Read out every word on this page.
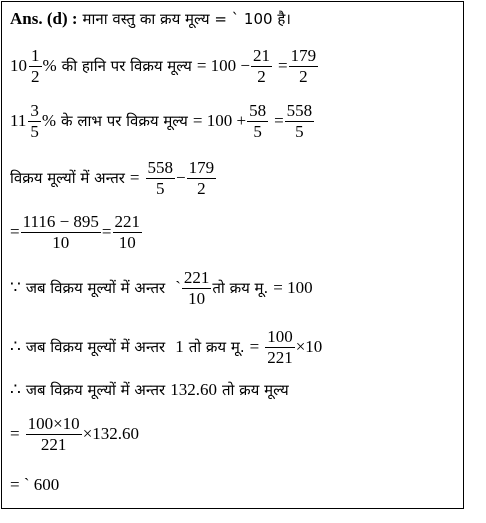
Ans. (d) : माना वस्तु का क्रय मूल्य = ` 100 है।
$10 \frac{1}{2}$ % की हानि पर विक्रय मूल्य = $100 - \frac{21}{2} = \frac{179}{2}$
$11 \frac{3}{5}$ % के लाभ पर विक्रय मूल्य = $100 + \frac{58}{5} = \frac{558}{5}$
विक्रय मूल्यों में अन्तर = $\frac{558}{5} - \frac{179}{2}$
= $\frac{1116 - 895}{10} = \frac{221}{10}$
∵ जब विक्रय मूल्यों में अन्तर ` $\frac{221}{10}$ तो क्रय मू. = 100
∴ जब विक्रय मूल्यों में अन्तर 1 तो क्रय मू. = $\frac{100}{221} \times 10$
∴ जब विक्रय मूल्यों में अन्तर 132.60 तो क्रय मूल्य
= $\frac{100\times 10}{221} \times 132.60$
= ` 600
